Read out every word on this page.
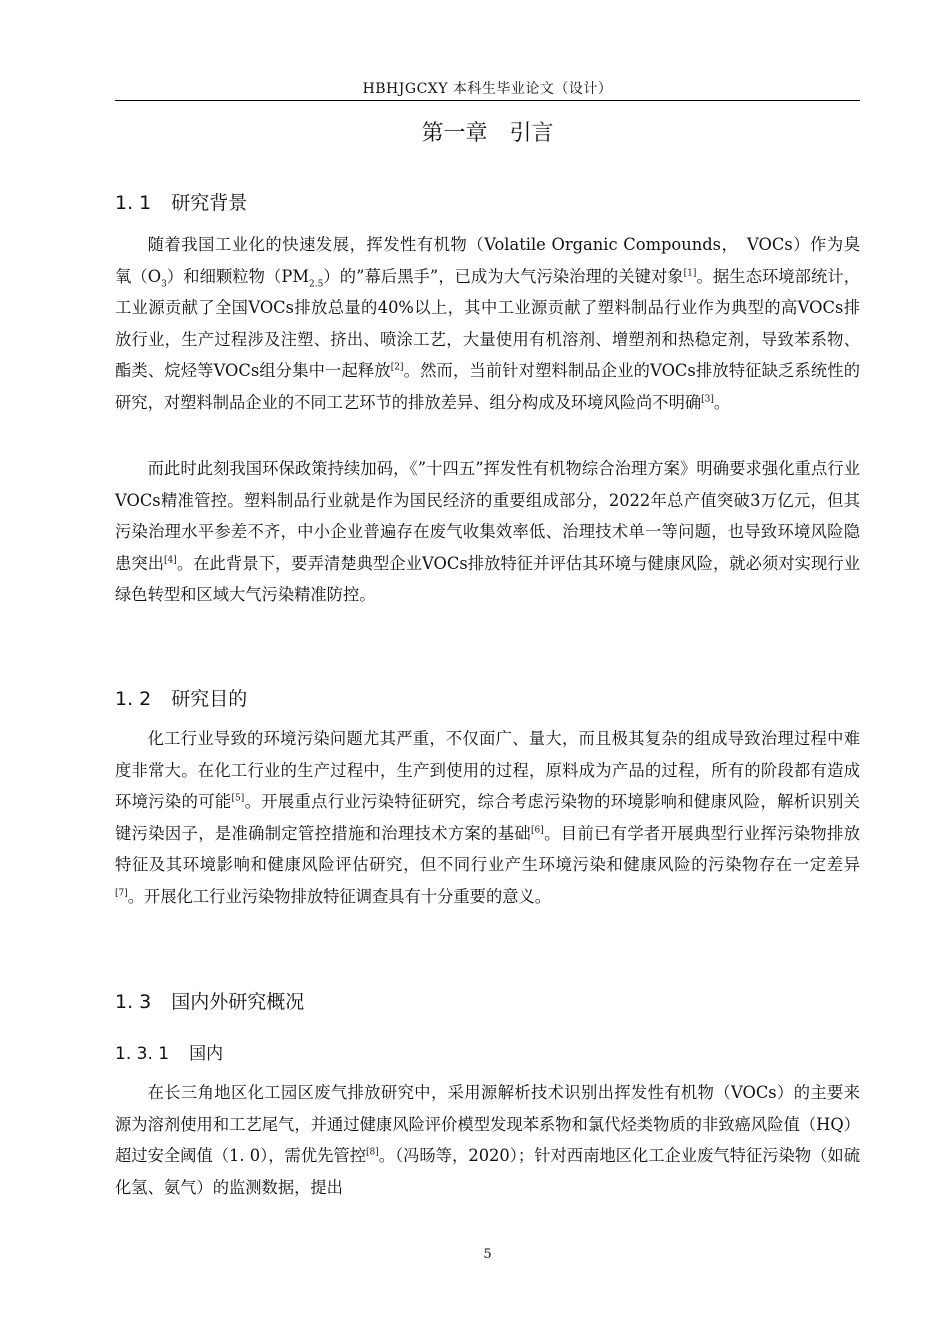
HBHJGCXY 本科生毕业论文（设计）
第一章　引言
1. 1 研究背景

随着我国工业化的快速发展，挥发性有机物（Volatile Organic Compounds，　VOCs）作为臭氧$(O_3)$和细颗粒物$(PM_{2.5})$的”幕后黑手”，已成为大气污染治理的关键对象[1]。据生态环境部统计，工业源贡献了全国VOCs排放总量的40%以上，其中工业源贡献了塑料制品行业作为典型的高VOCs排放行业，生产过程涉及注塑、挤出、喷涂工艺，大量使用有机溶剂、增塑剂和热稳定剂，导致苯系物、酯类、烷烃等VOCs组分集中一起释放[2]。然而，当前针对塑料制品企业的VOCs排放特征缺乏系统性的研究，对塑料制品企业的不同工艺环节的排放差异、组分构成及环境风险尚不明确[3]。

而此时此刻我国环保政策持续加码，《”十四五”挥发性有机物综合治理方案》明确要求强化重点行业VOCs精准管控。塑料制品行业就是作为国民经济的重要组成部分，2022年总产值突破3万亿元，但其污染治理水平参差不齐，中小企业普遍存在废气收集效率低、治理技术单一等问题，也导致环境风险隐患突出[4]。在此背景下，要弄清楚典型企业VOCs排放特征并评估其环境与健康风险，就必须对实现行业绿色转型和区域大气污染精准防控。

1. 2 研究目的

化工行业导致的环境污染问题尤其严重，不仅面广、量大，而且极其复杂的组成导致治理过程中难度非常大。在化工行业的生产过程中，生产到使用的过程，原料成为产品的过程，所有的阶段都有造成环境污染的可能[5]。开展重点行业污染特征研究，综合考虑污染物的环境影响和健康风险，解析识别关键污染因子，是准确制定管控措施和治理技术方案的基础[6]。目前已有学者开展典型行业挥污染物排放特征及其环境影响和健康风险评估研究，但不同行业产生环境污染和健康风险的污染物存在一定差异[7]。开展化工行业污染物排放特征调查具有十分重要的意义。

1. 3 国内外研究概况
1. 3. 1 国内

在长三角地区化工园区废气排放研究中，采用源解析技术识别出挥发性有机物（VOCs）的主要来源为溶剂使用和工艺尾气，并通过健康风险评价模型发现苯系物和氯代烃类物质的非致癌风险值（HQ）超过安全阈值（1. 0），需优先管控[8]。（冯旸等，2020）；针对西南地区化工企业废气特征污染物（如硫化氢、氨气）的监测数据，提出

5
